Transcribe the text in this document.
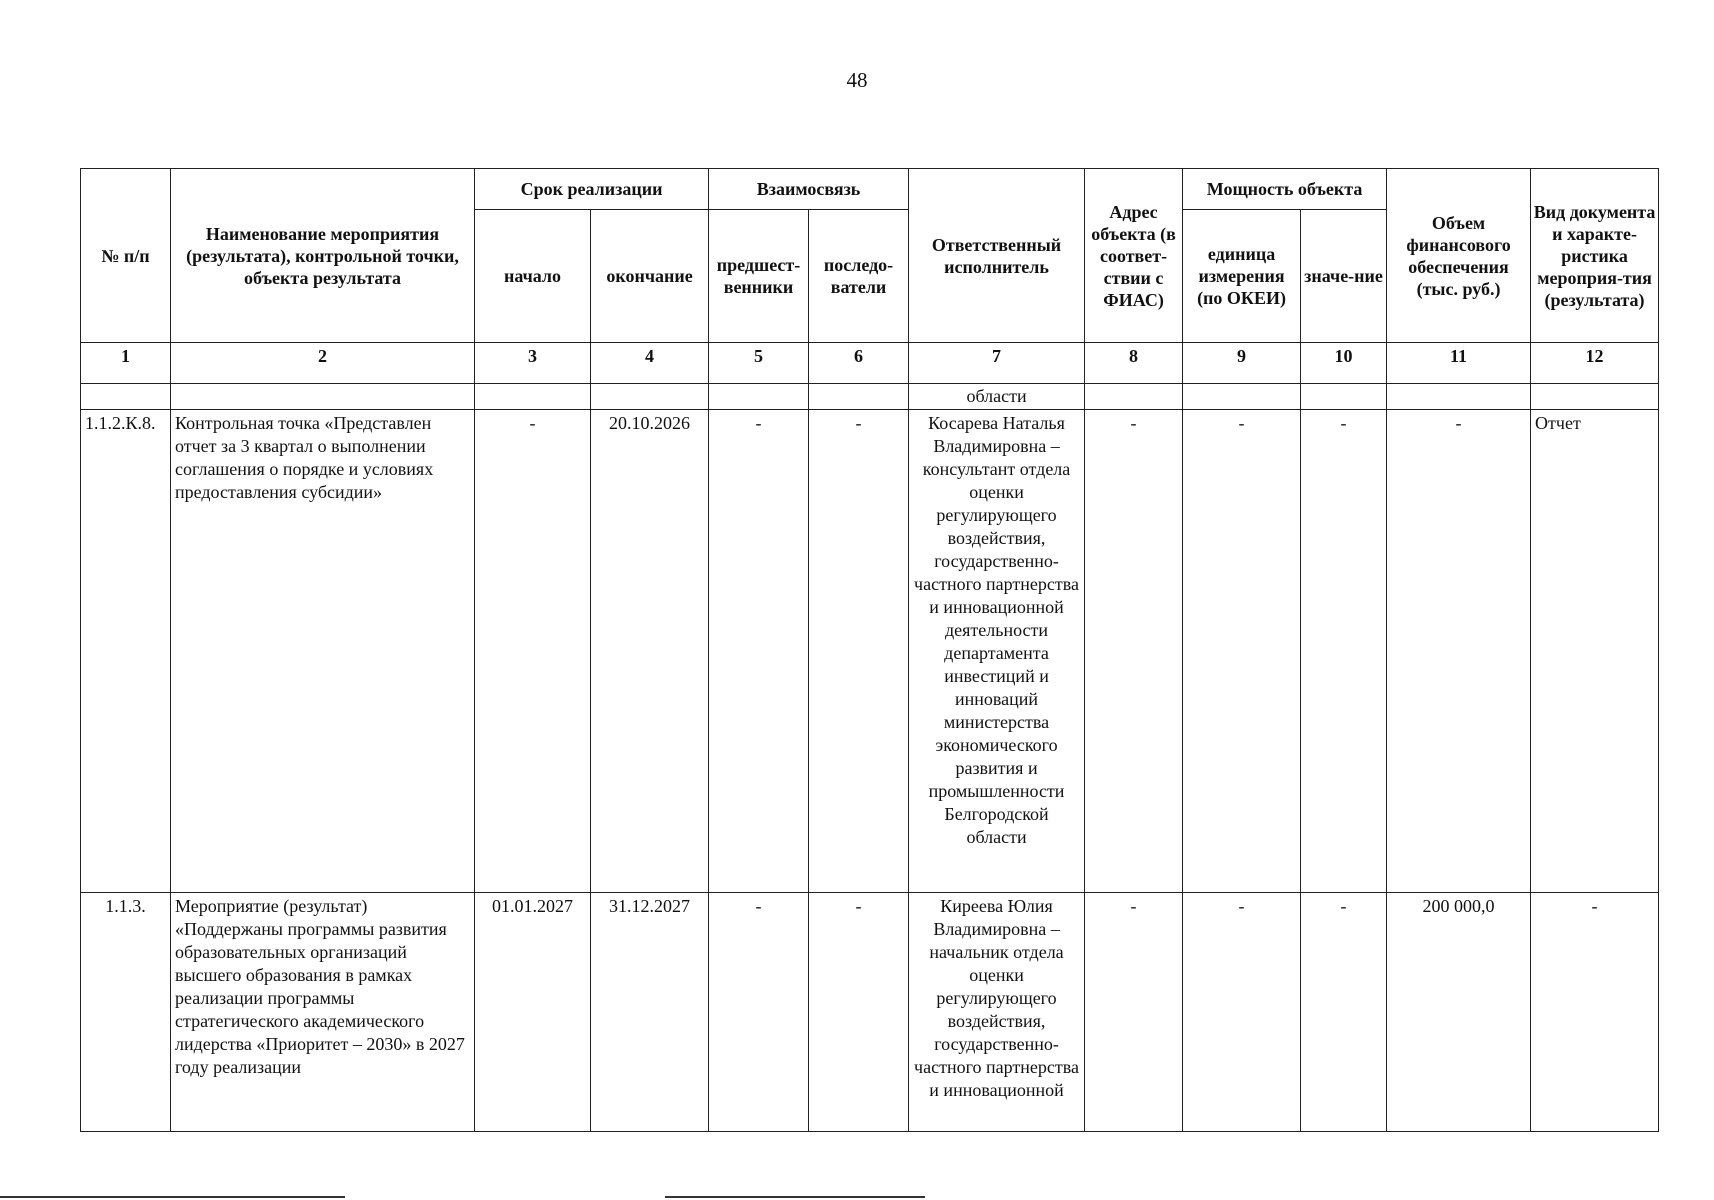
48
№ п/п	Наименование мероприятия (результата), контрольной точки, объекта результата	Срок реализации		Взаимосвязь		Ответственный исполнитель	Адрес объекта (в соответ-ствии с ФИАС)	Мощность объекта		Объем финансового обеспечения (тыс. руб.)	Вид документа и характе-ристика мероприя-тия (результата)
		начало	окончание	предшест-венники	последо-ватели			единица измерения (по ОКЕИ)	значе-ние		
1	2	3	4	5	6	7	8	9	10	11	12
						области					
1.1.2.К.8.	Контрольная точка «Представлен отчет за 3 квартал о выполнении соглашения о порядке и условиях предоставления субсидии»	-	20.10.2026	-	-	Косарева Наталья Владимировна – консультант отдела оценки регулирующего воздействия, государственно-частного партнерства и инновационной деятельности департамента инвестиций и инноваций министерства экономического развития и промышленности Белгородской области	-	-	-	-	Отчет
1.1.3.	Мероприятие (результат) «Поддержаны программы развития образовательных организаций высшего образования в рамках реализации программы стратегического академического лидерства «Приоритет – 2030» в 2027 году реализации	01.01.2027	31.12.2027	-	-	Киреева Юлия Владимировна – начальник отдела оценки регулирующего воздействия, государственно-частного партнерства и инновационной	-	-	-	200 000,0	-
